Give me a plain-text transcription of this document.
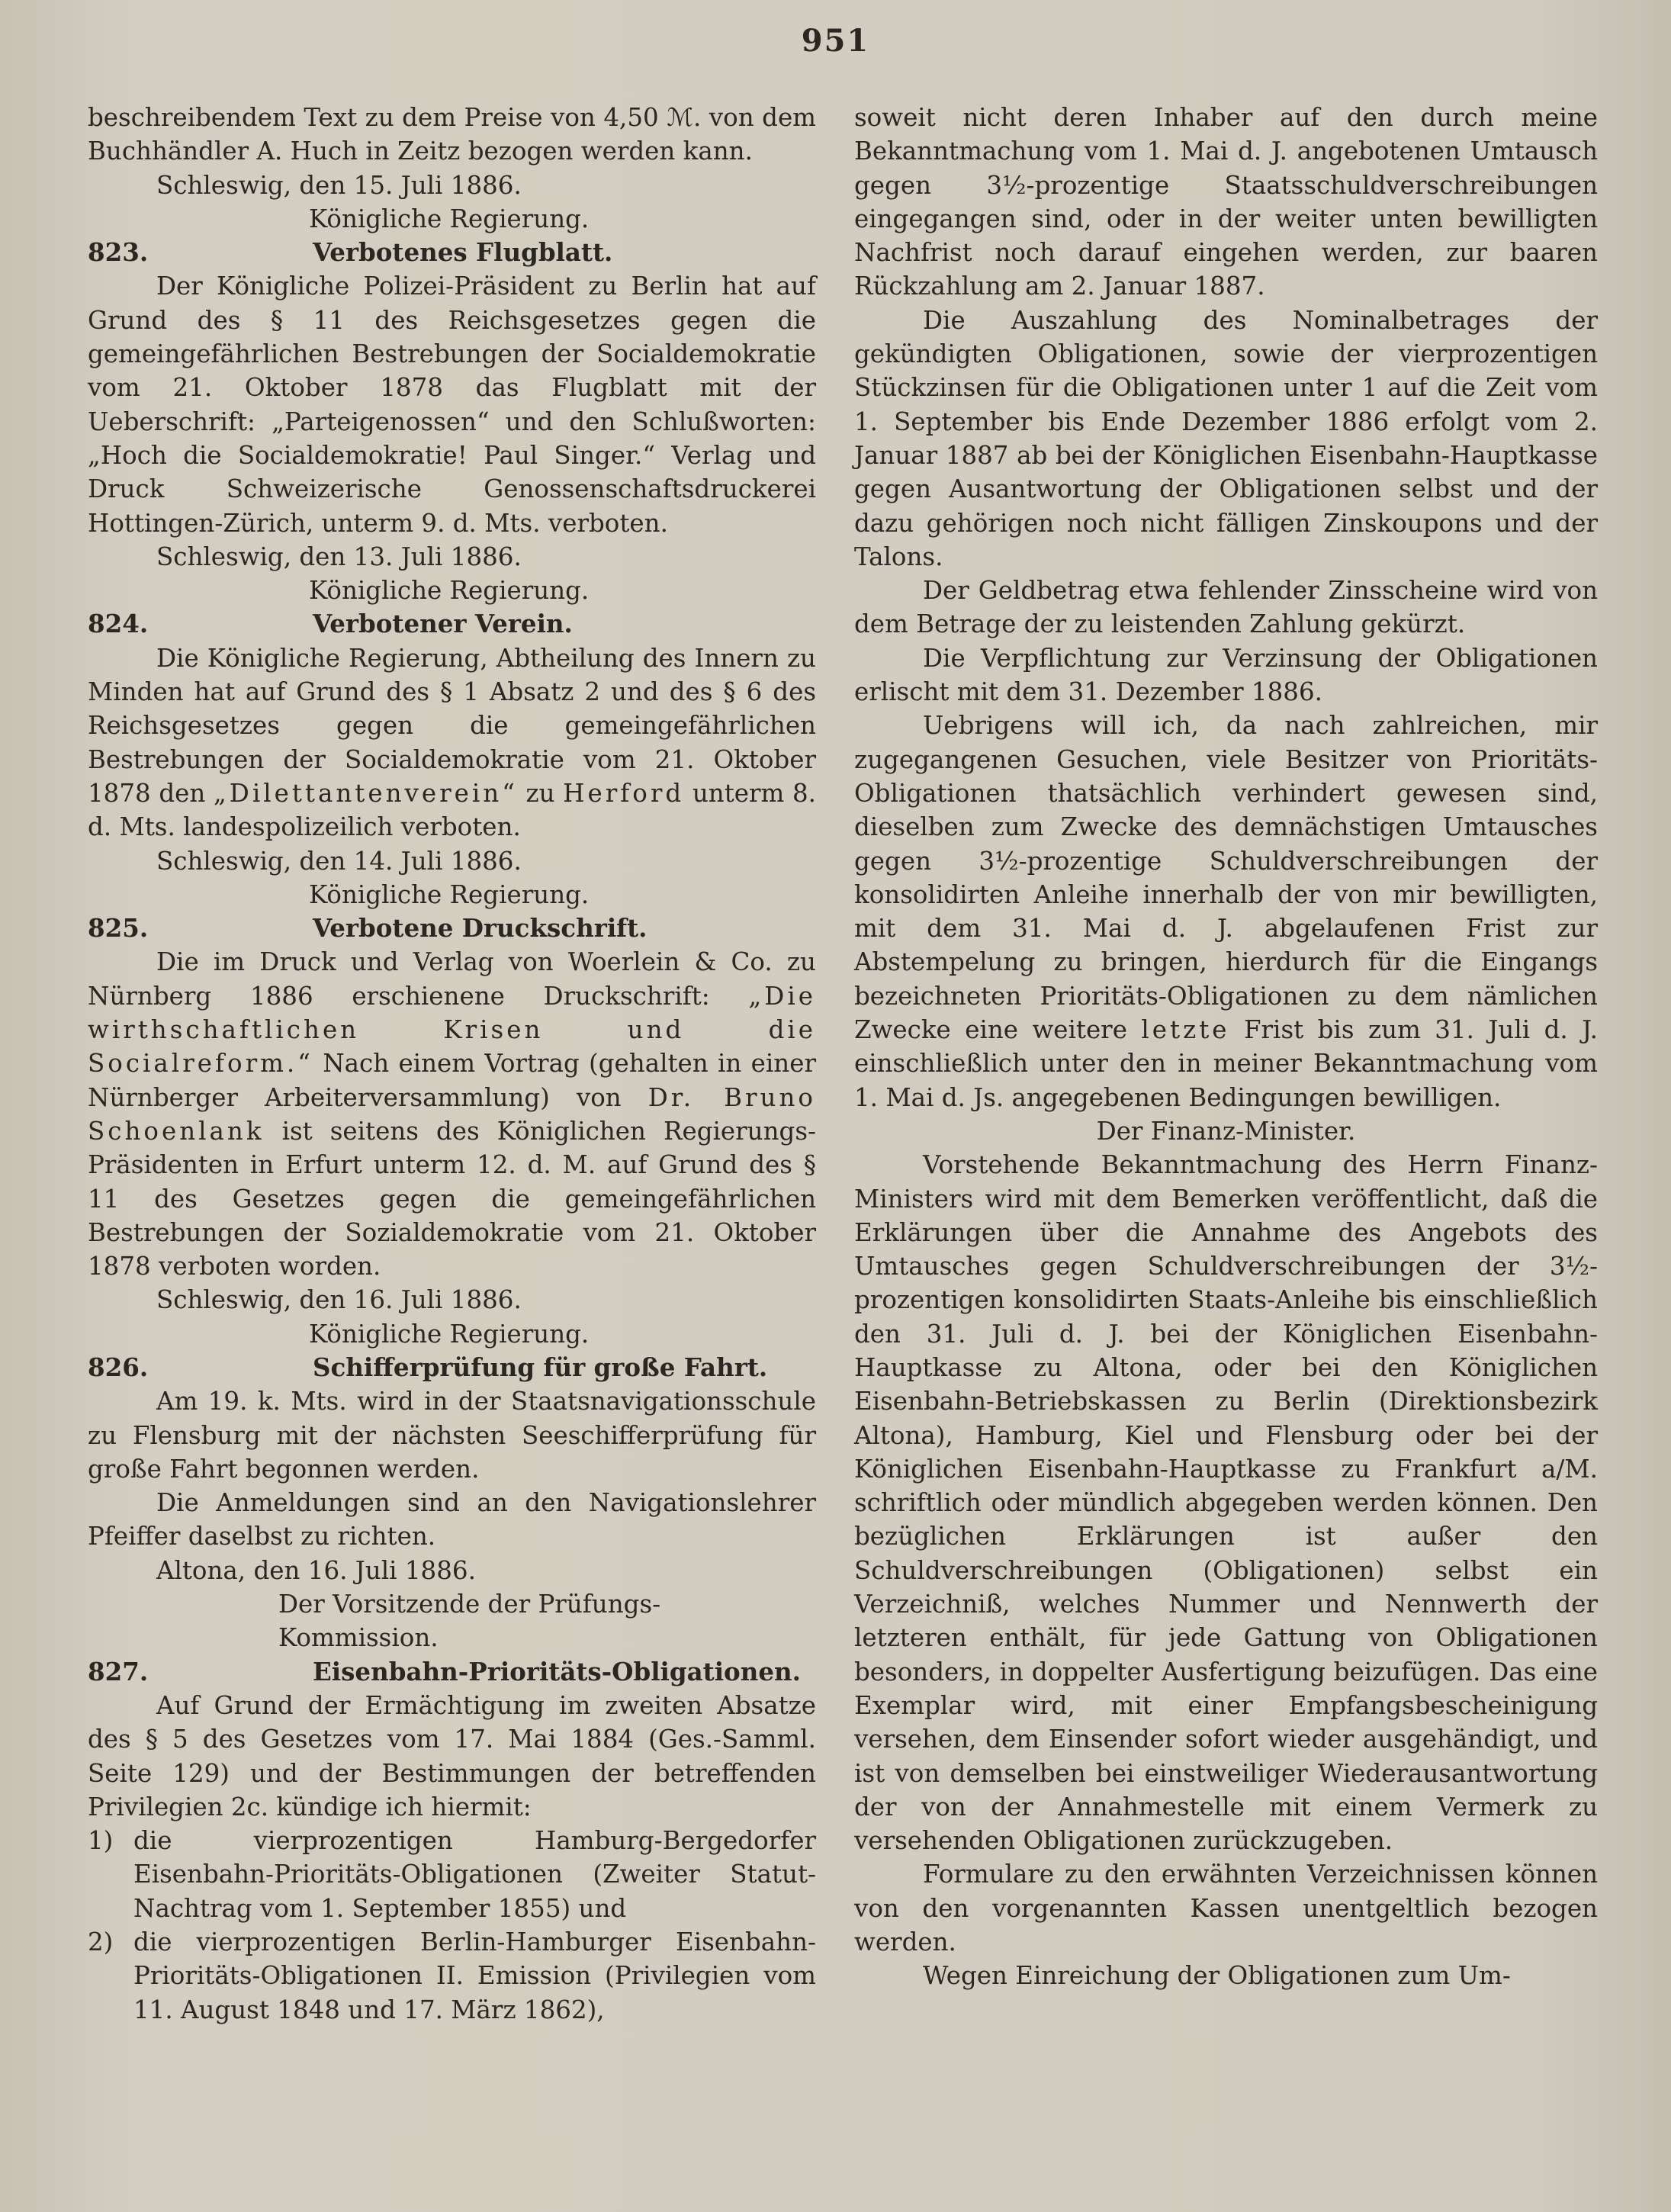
951

beschreibendem Text zu dem Preise von 4,50 ℳ. von dem Buchhändler A. Huch in Zeitz bezogen werden kann.

Schleswig, den 15. Juli 1886.

Königliche Regierung.

823.	Verbotenes Flugblatt.

Der Königliche Polizei-Präsident zu Berlin hat auf Grund des § 11 des Reichsgesetzes gegen die gemeingefährlichen Bestrebungen der Socialdemokratie vom 21. Oktober 1878 das Flugblatt mit der Ueberschrift: „Parteigenossen“ und den Schlußworten: „Hoch die Socialdemokratie! Paul Singer.“ Verlag und Druck Schweizerische Genossenschaftsdruckerei Hottingen-Zürich, unterm 9. d. Mts. verboten.

Schleswig, den 13. Juli 1886.

Königliche Regierung.

824.	Verbotener Verein.

Die Königliche Regierung, Abtheilung des Innern zu Minden hat auf Grund des § 1 Absatz 2 und des § 6 des Reichsgesetzes gegen die gemeingefährlichen Bestrebungen der Socialdemokratie vom 21. Oktober 1878 den „Dilettantenverein“ zu Herford unterm 8. d. Mts. landespolizeilich verboten.

Schleswig, den 14. Juli 1886.

Königliche Regierung.

825.	Verbotene Druckschrift.

Die im Druck und Verlag von Woerlein & Co. zu Nürnberg 1886 erschienene Druckschrift: „Die wirthschaftlichen Krisen und die Socialreform.“ Nach einem Vortrag (gehalten in einer Nürnberger Arbeiterversammlung) von Dr. Bruno Schoenlank ist seitens des Königlichen Regierungs-Präsidenten in Erfurt unterm 12. d. M. auf Grund des § 11 des Gesetzes gegen die gemeingefährlichen Bestrebungen der Sozialdemokratie vom 21. Oktober 1878 verboten worden.

Schleswig, den 16. Juli 1886.

Königliche Regierung.

826.	Schifferprüfung für große Fahrt.

Am 19. k. Mts. wird in der Staatsnavigationsschule zu Flensburg mit der nächsten Seeschifferprüfung für große Fahrt begonnen werden.

Die Anmeldungen sind an den Navigationslehrer Pfeiffer daselbst zu richten.

Altona, den 16. Juli 1886.

Der Vorsitzende der Prüfungs-Kommission.

827.	Eisenbahn-Prioritäts-Obligationen.

Auf Grund der Ermächtigung im zweiten Absatze des § 5 des Gesetzes vom 17. Mai 1884 (Ges.-Samml. Seite 129) und der Bestimmungen der betreffenden Privilegien 2c. kündige ich hiermit:

1) die vierprozentigen Hamburg-Bergedorfer Eisenbahn-Prioritäts-Obligationen (Zweiter Statut-Nachtrag vom 1. September 1855) und
2) die vierprozentigen Berlin-Hamburger Eisenbahn-Prioritäts-Obligationen II. Emission (Privilegien vom 11. August 1848 und 17. März 1862),

soweit nicht deren Inhaber auf den durch meine Bekanntmachung vom 1. Mai d. J. angebotenen Umtausch gegen 3½-prozentige Staatsschuldverschreibungen eingegangen sind, oder in der weiter unten bewilligten Nachfrist noch darauf eingehen werden, zur baaren Rückzahlung am 2. Januar 1887.

Die Auszahlung des Nominalbetrages der gekündigten Obligationen, sowie der vierprozentigen Stückzinsen für die Obligationen unter 1 auf die Zeit vom 1. September bis Ende Dezember 1886 erfolgt vom 2. Januar 1887 ab bei der Königlichen Eisenbahn-Hauptkasse gegen Ausantwortung der Obligationen selbst und der dazu gehörigen noch nicht fälligen Zinskoupons und der Talons.

Der Geldbetrag etwa fehlender Zinsscheine wird von dem Betrage der zu leistenden Zahlung gekürzt.

Die Verpflichtung zur Verzinsung der Obligationen erlischt mit dem 31. Dezember 1886.

Uebrigens will ich, da nach zahlreichen, mir zugegangenen Gesuchen, viele Besitzer von Prioritäts-Obligationen thatsächlich verhindert gewesen sind, dieselben zum Zwecke des demnächstigen Umtausches gegen 3½-prozentige Schuldverschreibungen der konsolidirten Anleihe innerhalb der von mir bewilligten, mit dem 31. Mai d. J. abgelaufenen Frist zur Abstempelung zu bringen, hierdurch für die Eingangs bezeichneten Prioritäts-Obligationen zu dem nämlichen Zwecke eine weitere letzte Frist bis zum 31. Juli d. J. einschließlich unter den in meiner Bekanntmachung vom 1. Mai d. Js. angegebenen Bedingungen bewilligen.

Der Finanz-Minister.

Vorstehende Bekanntmachung des Herrn Finanz-Ministers wird mit dem Bemerken veröffentlicht, daß die Erklärungen über die Annahme des Angebots des Umtausches gegen Schuldverschreibungen der 3½-prozentigen konsolidirten Staats-Anleihe bis einschließlich den 31. Juli d. J. bei der Königlichen Eisenbahn-Hauptkasse zu Altona, oder bei den Königlichen Eisenbahn-Betriebskassen zu Berlin (Direktionsbezirk Altona), Hamburg, Kiel und Flensburg oder bei der Königlichen Eisenbahn-Hauptkasse zu Frankfurt a/M. schriftlich oder mündlich abgegeben werden können. Den bezüglichen Erklärungen ist außer den Schuldverschreibungen (Obligationen) selbst ein Verzeichniß, welches Nummer und Nennwerth der letzteren enthält, für jede Gattung von Obligationen besonders, in doppelter Ausfertigung beizufügen. Das eine Exemplar wird, mit einer Empfangsbescheinigung versehen, dem Einsender sofort wieder ausgehändigt, und ist von demselben bei einstweiliger Wiederausantwortung der von der Annahmestelle mit einem Vermerk zu versehenden Obligationen zurückzugeben.

Formulare zu den erwähnten Verzeichnissen können von den vorgenannten Kassen unentgeltlich bezogen werden.

Wegen Einreichung der Obligationen zum Um-
